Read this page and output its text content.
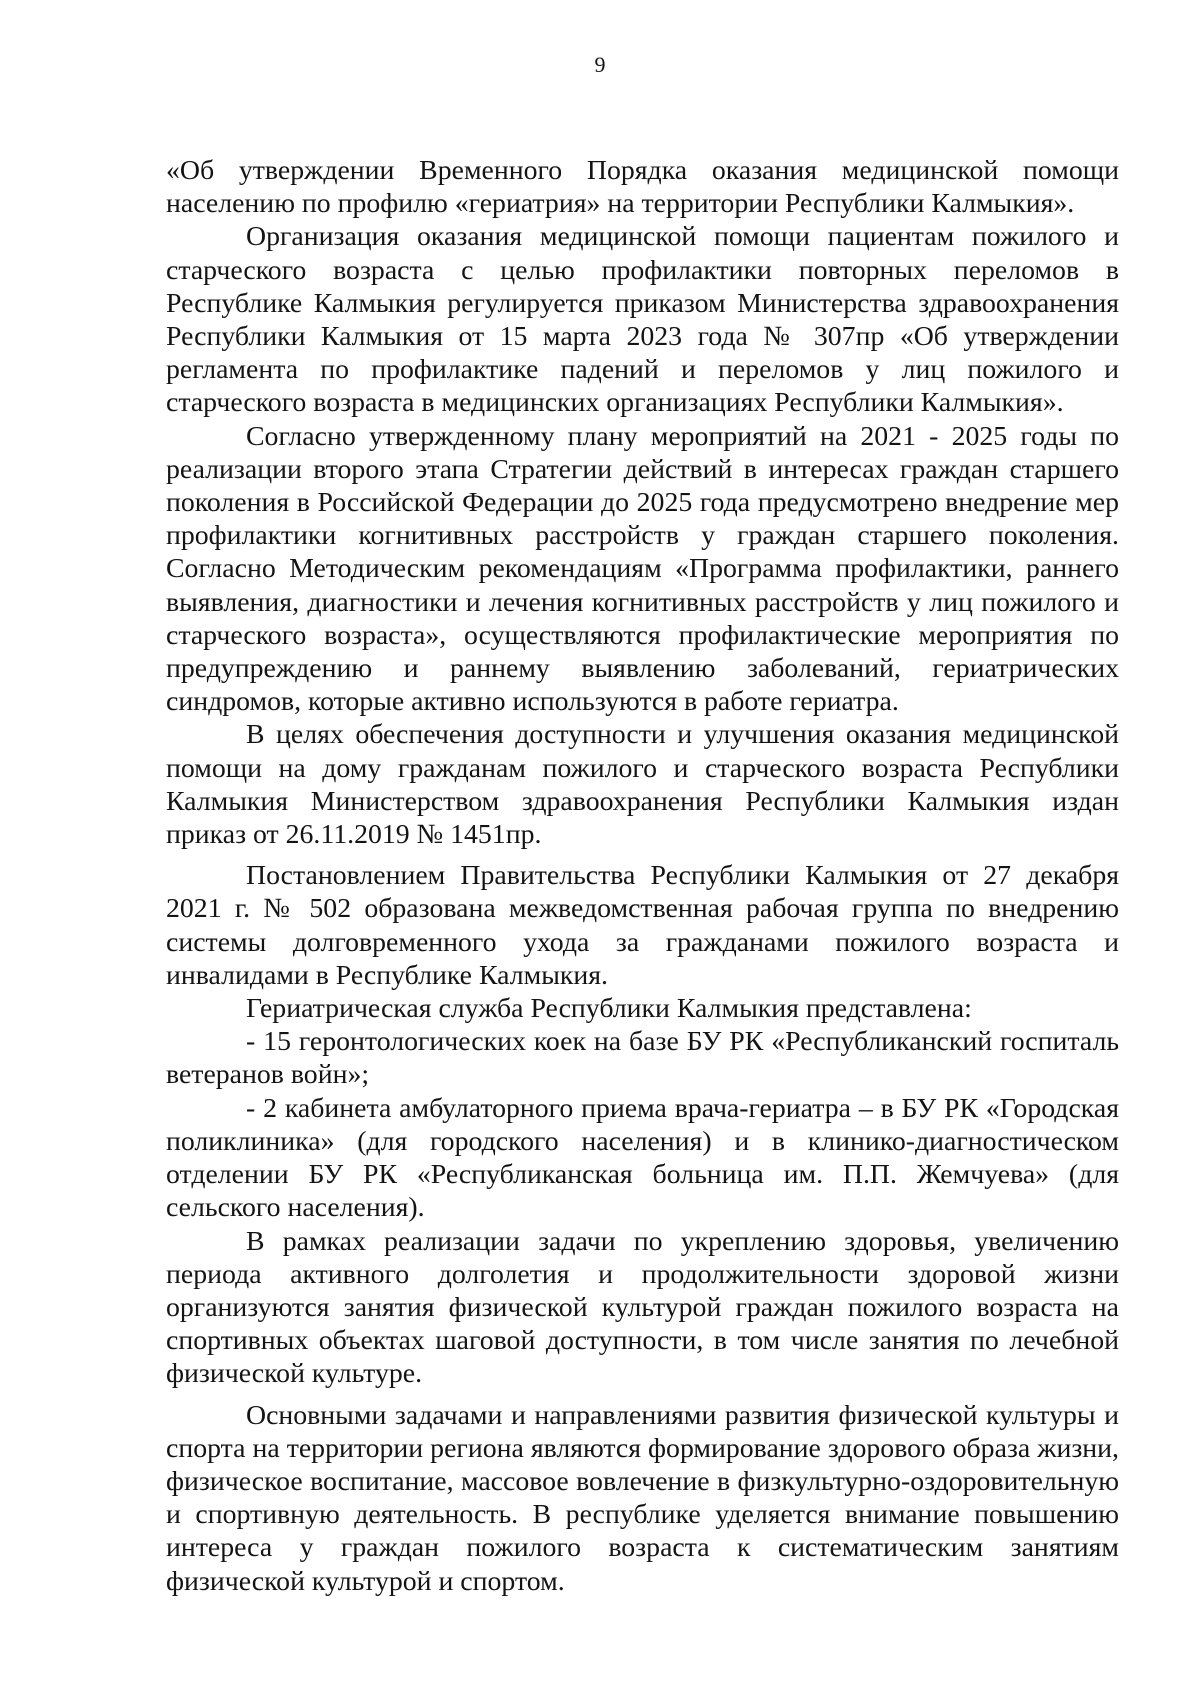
9

«Об утверждении Временного Порядка оказания медицинской помощи населению по профилю «гериатрия» на территории Республики Калмыкия».

Организация оказания медицинской помощи пациентам пожилого и старческого возраста с целью профилактики повторных переломов в Республике Калмыкия регулируется приказом Министерства здравоохранения Республики Калмыкия от 15 марта 2023 года № 307пр «Об утверждении регламента по профилактике падений и переломов у лиц пожилого и старческого возраста в медицинских организациях Республики Калмыкия».

Согласно утвержденному плану мероприятий на 2021 - 2025 годы по реализации второго этапа Стратегии действий в интересах граждан старшего поколения в Российской Федерации до 2025 года предусмотрено внедрение мер профилактики когнитивных расстройств у граждан старшего поколения. Согласно Методическим рекомендациям «Программа профилактики, раннего выявления, диагностики и лечения когнитивных расстройств у лиц пожилого и старческого возраста», осуществляются профилактические мероприятия по предупреждению и раннему выявлению заболеваний, гериатрических синдромов, которые активно используются в работе гериатра.

В целях обеспечения доступности и улучшения оказания медицинской помощи на дому гражданам пожилого и старческого возраста Республики Калмыкия Министерством здравоохранения Республики Калмыкия издан приказ от 26.11.2019 № 1451пр.

Постановлением Правительства Республики Калмыкия от 27 декабря 2021 г. № 502 образована межведомственная рабочая группа по внедрению системы долговременного ухода за гражданами пожилого возраста и инвалидами в Республике Калмыкия.

Гериатрическая служба Республики Калмыкия представлена:

- 15 геронтологических коек на базе БУ РК «Республиканский госпиталь ветеранов войн»;

- 2 кабинета амбулаторного приема врача-гериатра – в БУ РК «Городская поликлиника» (для городского населения) и в клинико-диагностическом отделении БУ РК «Республиканская больница им. П.П. Жемчуева» (для сельского населения).

В рамках реализации задачи по укреплению здоровья, увеличению периода активного долголетия и продолжительности здоровой жизни организуются занятия физической культурой граждан пожилого возраста на спортивных объектах шаговой доступности, в том числе занятия по лечебной физической культуре.

Основными задачами и направлениями развития физической культуры и спорта на территории региона являются формирование здорового образа жизни, физическое воспитание, массовое вовлечение в физкультурно-оздоровительную и спортивную деятельность. В республике уделяется внимание повышению интереса у граждан пожилого возраста к систематическим занятиям физической культурой и спортом.
